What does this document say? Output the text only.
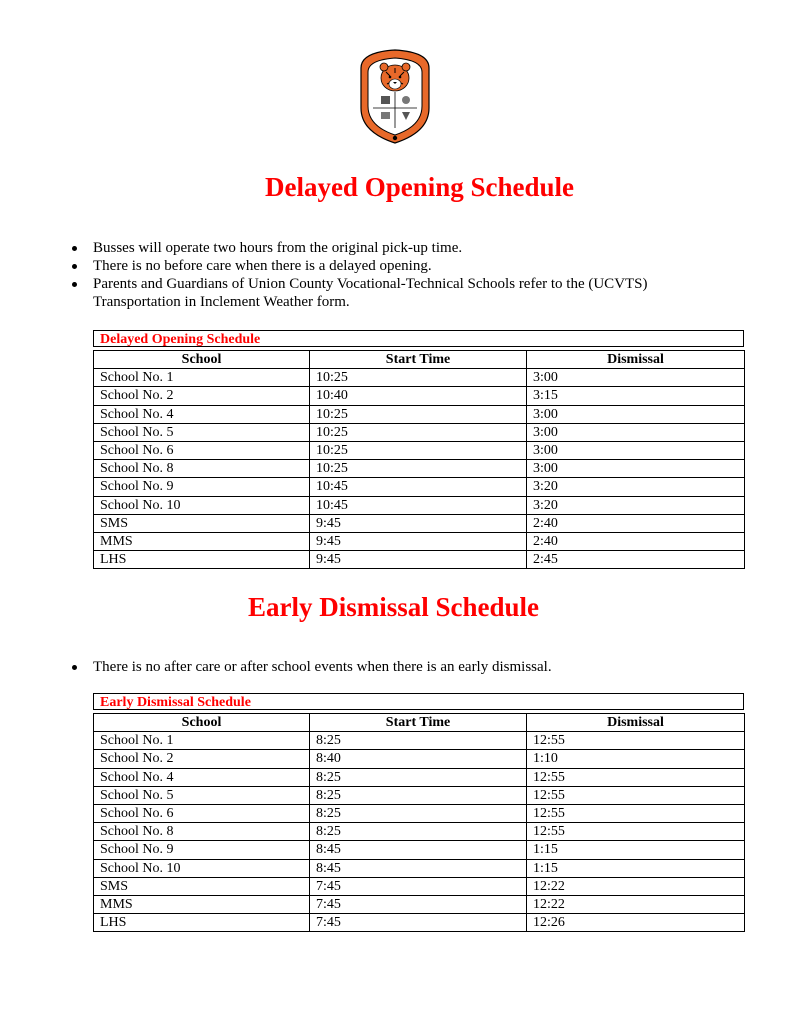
Delayed Opening Schedule
Busses will operate two hours from the original pick-up time.
There is no before care when there is a delayed opening.
Parents and Guardians of Union County Vocational-Technical Schools refer to the (UCVTS) Transportation in Inclement Weather form.
Delayed Opening Schedule
School	Start Time	Dismissal
School No. 1	10:25	3:00
School No. 2	10:40	3:15
School No. 4	10:25	3:00
School No. 5	10:25	3:00
School No. 6	10:25	3:00
School No. 8	10:25	3:00
School No. 9	10:45	3:20
School No. 10	10:45	3:20
SMS	9:45	2:40
MMS	9:45	2:40
LHS	9:45	2:45
Early Dismissal Schedule
There is no after care or after school events when there is an early dismissal.
Early Dismissal Schedule
School	Start Time	Dismissal
School No. 1	8:25	12:55
School No. 2	8:40	1:10
School No. 4	8:25	12:55
School No. 5	8:25	12:55
School No. 6	8:25	12:55
School No. 8	8:25	12:55
School No. 9	8:45	1:15
School No. 10	8:45	1:15
SMS	7:45	12:22
MMS	7:45	12:22
LHS	7:45	12:26
